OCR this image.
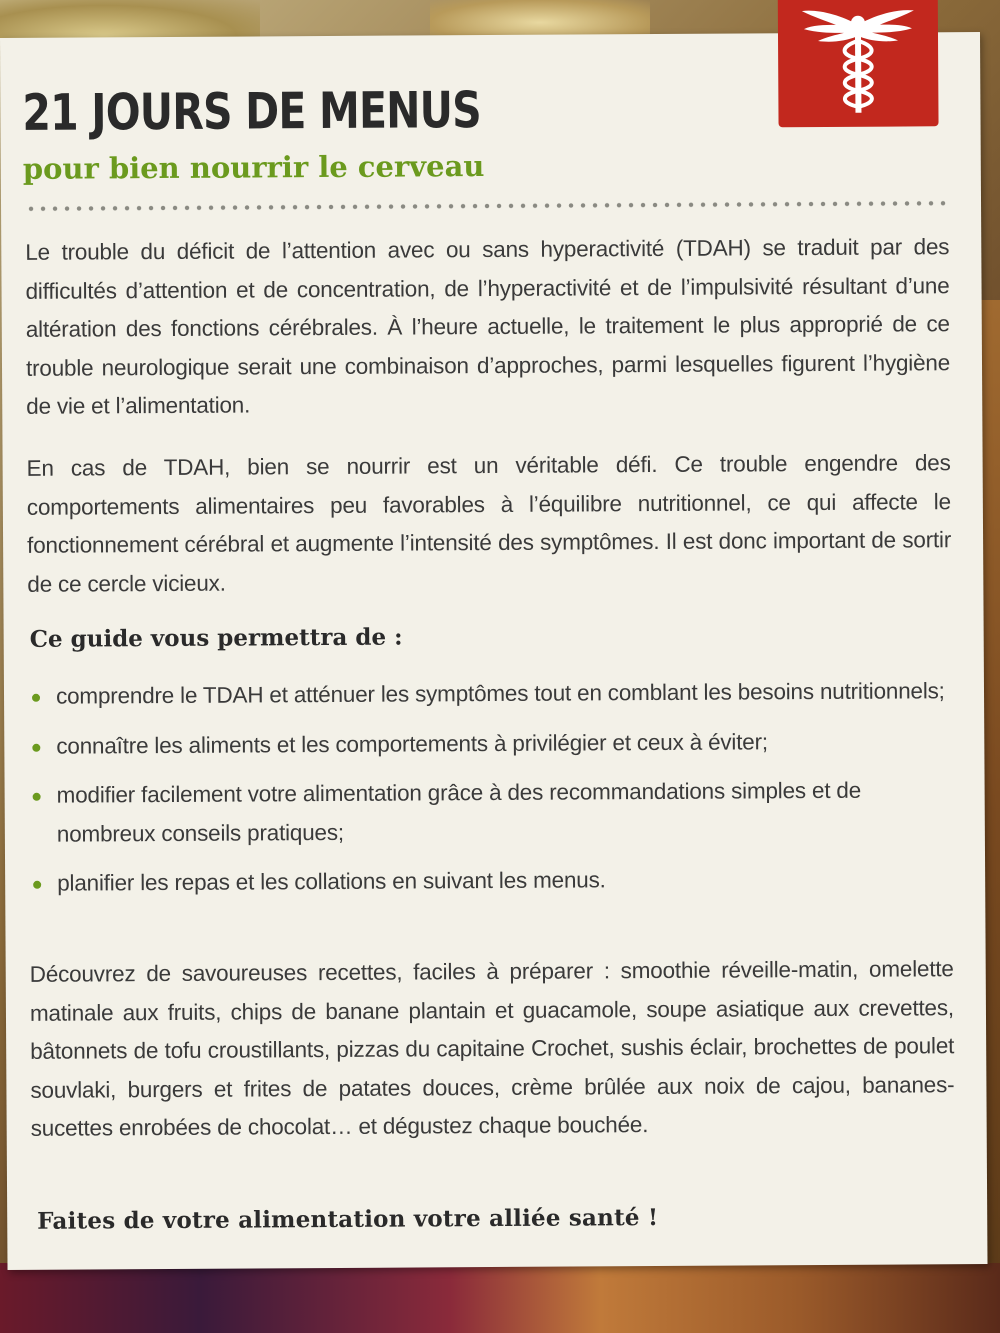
21 JOURS DE MENUS
pour bien nourrir le cerveau

Le trouble du déficit de l’attention avec ou sans hyperactivité (TDAH) se traduit par des difficultés d’attention et de concentration, de l’hyperactivité et de l’impulsivité résultant d’une altération des fonctions cérébrales. À l’heure actuelle, le traitement le plus approprié de ce trouble neurologique serait une combinaison d’approches, parmi lesquelles figurent l’hygiène de vie et l’alimentation.

En cas de TDAH, bien se nourrir est un véritable défi. Ce trouble engendre des comportements alimentaires peu favorables à l’équilibre nutritionnel, ce qui affecte le fonctionnement cérébral et augmente l’intensité des symptômes. Il est donc important de sortir de ce cercle vicieux.

Ce guide vous permettra de :
comprendre le TDAH et atténuer les symptômes tout en comblant les besoins nutritionnels;
connaître les aliments et les comportements à privilégier et ceux à éviter;
modifier facilement votre alimentation grâce à des recommandations simples et de nombreux conseils pratiques;
planifier les repas et les collations en suivant les menus.

Découvrez de savoureuses recettes, faciles à préparer : smoothie réveille-matin, omelette matinale aux fruits, chips de banane plantain et guacamole, soupe asiatique aux crevettes, bâtonnets de tofu croustillants, pizzas du capitaine Crochet, sushis éclair, brochettes de poulet souvlaki, burgers et frites de patates douces, crème brûlée aux noix de cajou, bananes-sucettes enrobées de chocolat… et dégustez chaque bouchée.

Faites de votre alimentation votre alliée santé !
